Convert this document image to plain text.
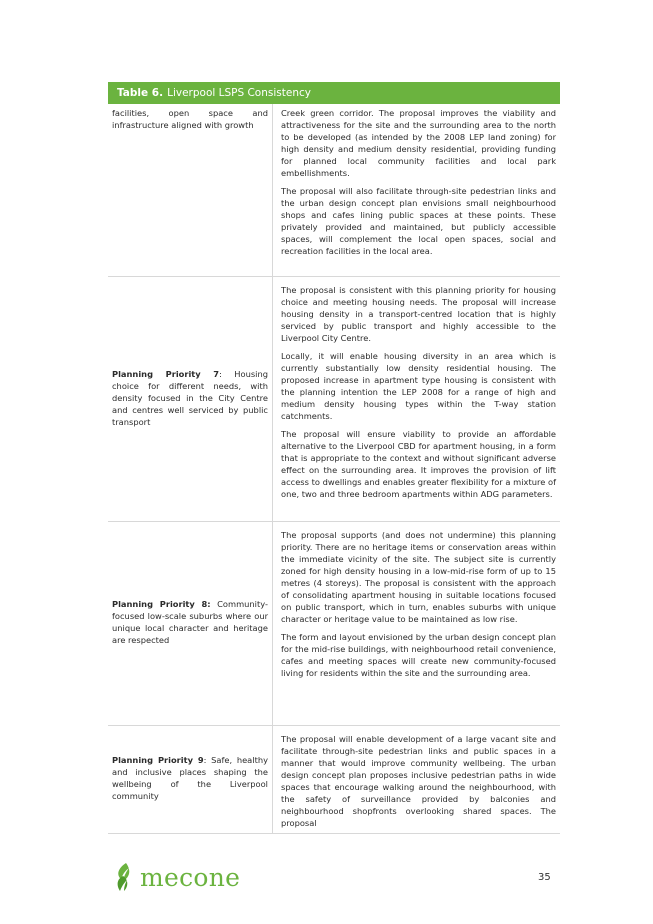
Table 6. Liverpool LSPS Consistency
facilities, open space and infrastructure aligned with growth

Creek green corridor. The proposal improves the viability and attractiveness for the site and the surrounding area to the north to be developed (as intended by the 2008 LEP land zoning) for high density and medium density residential, providing funding for planned local community facilities and local park embellishments.

The proposal will also facilitate through-site pedestrian links and the urban design concept plan envisions small neighbourhood shops and cafes lining public spaces at these points. These privately provided and maintained, but publicly accessible spaces, will complement the local open spaces, social and recreation facilities in the local area.

Planning Priority 7: Housing choice for different needs, with density focused in the City Centre and centres well serviced by public transport

The proposal is consistent with this planning priority for housing choice and meeting housing needs. The proposal will increase housing density in a transport-centred location that is highly serviced by public transport and highly accessible to the Liverpool City Centre.

Locally, it will enable housing diversity in an area which is currently substantially low density residential housing. The proposed increase in apartment type housing is consistent with the planning intention the LEP 2008 for a range of high and medium density housing types within the T-way station catchments.

The proposal will ensure viability to provide an affordable alternative to the Liverpool CBD for apartment housing, in a form that is appropriate to the context and without significant adverse effect on the surrounding area. It improves the provision of lift access to dwellings and enables greater flexibility for a mixture of one, two and three bedroom apartments within ADG parameters.

Planning Priority 8: Community-focused low-scale suburbs where our unique local character and heritage are respected

The proposal supports (and does not undermine) this planning priority. There are no heritage items or conservation areas within the immediate vicinity of the site. The subject site is currently zoned for high density housing in a low-mid-rise form of up to 15 metres (4 storeys). The proposal is consistent with the approach of consolidating apartment housing in suitable locations focused on public transport, which in turn, enables suburbs with unique character or heritage value to be maintained as low rise.

The form and layout envisioned by the urban design concept plan for the mid-rise buildings, with neighbourhood retail convenience, cafes and meeting spaces will create new community-focused living for residents within the site and the surrounding area.

Planning Priority 9: Safe, healthy and inclusive places shaping the wellbeing of the Liverpool community

The proposal will enable development of a large vacant site and facilitate through-site pedestrian links and public spaces in a manner that would improve community wellbeing. The urban design concept plan proposes inclusive pedestrian paths in wide spaces that encourage walking around the neighbourhood, with the safety of surveillance provided by balconies and neighbourhood shopfronts overlooking shared spaces. The proposal

mecone	35
